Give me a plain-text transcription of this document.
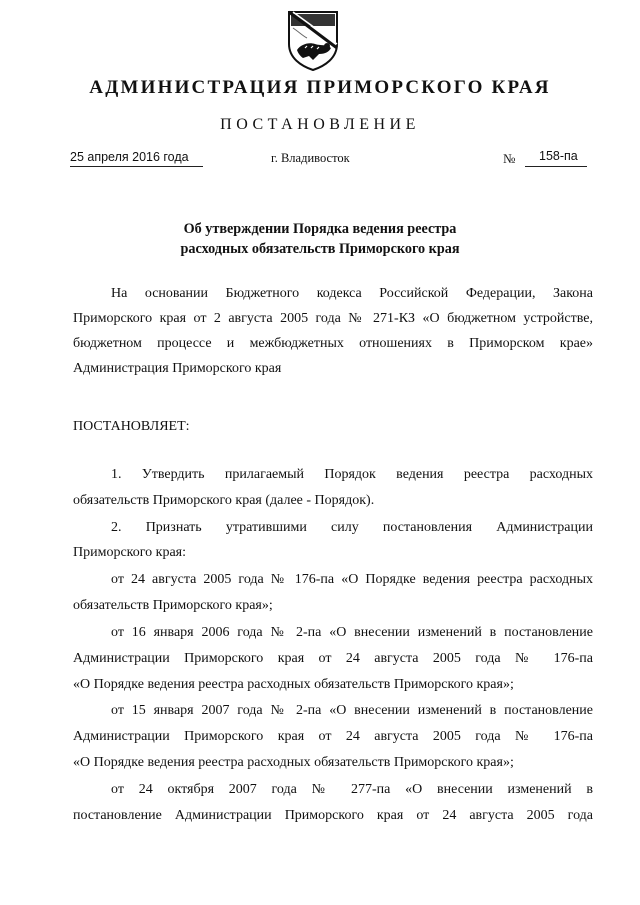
АДМИНИСТРАЦИЯ ПРИМОРСКОГО КРАЯ
ПОСТАНОВЛЕНИЕ
25 апреля 2016 года	г. Владивосток	№ 158-па
Об утверждении Порядка ведения реестра
расходных обязательств Приморского края
На основании Бюджетного кодекса Российской Федерации, Закона
Приморского края от 2 августа 2005 года № 271-КЗ «О бюджетном устройстве,
бюджетном процессе и межбюджетных отношениях в Приморском крае»
Администрация Приморского края
ПОСТАНОВЛЯЕТ:
1. Утвердить прилагаемый Порядок ведения реестра расходных
обязательств Приморского края (далее - Порядок).
2. Признать утратившими силу постановления Администрации
Приморского края:
от 24 августа 2005 года № 176-па «О Порядке ведения реестра расходных
обязательств Приморского края»;
от 16 января 2006 года № 2-па «О внесении изменений в постановление
Администрации Приморского края от 24 августа 2005 года № 176-па
«О Порядке ведения реестра расходных обязательств Приморского края»;
от 15 января 2007 года № 2-па «О внесении изменений в постановление
Администрации Приморского края от 24 августа 2005 года № 176-па
«О Порядке ведения реестра расходных обязательств Приморского края»;
от 24 октября 2007 года № 277-па «О внесении изменений в
постановление Администрации Приморского края от 24 августа 2005 года
